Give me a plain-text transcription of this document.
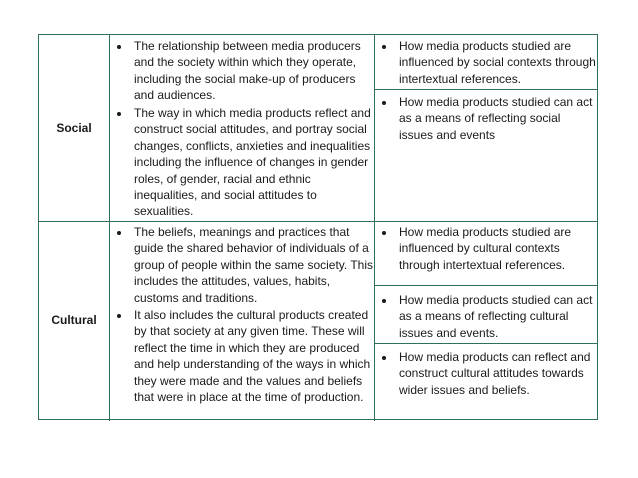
Social
The relationship between media producers and the society within which they operate, including the social make-up of producers and audiences.
The way in which media products reflect and construct social attitudes, and portray social changes, conflicts, anxieties and inequalities including the influence of changes in gender roles, of gender, racial and ethnic inequalities, and social attitudes to sexualities.
How media products studied are influenced by social contexts through intertextual references.
How media products studied can act as a means of reflecting social issues and events
Cultural
The beliefs, meanings and practices that guide the shared behavior of individuals of a group of people within the same society. This includes the attitudes, values, habits, customs and traditions.
It also includes the cultural products created by that society at any given time. These will reflect the time in which they are produced and help understanding of the ways in which they were made and the values and beliefs that were in place at the time of production.
How media products studied are influenced by cultural contexts through intertextual references.
How media products studied can act as a means of reflecting cultural issues and events.
How media products can reflect and construct cultural attitudes towards wider issues and beliefs.
